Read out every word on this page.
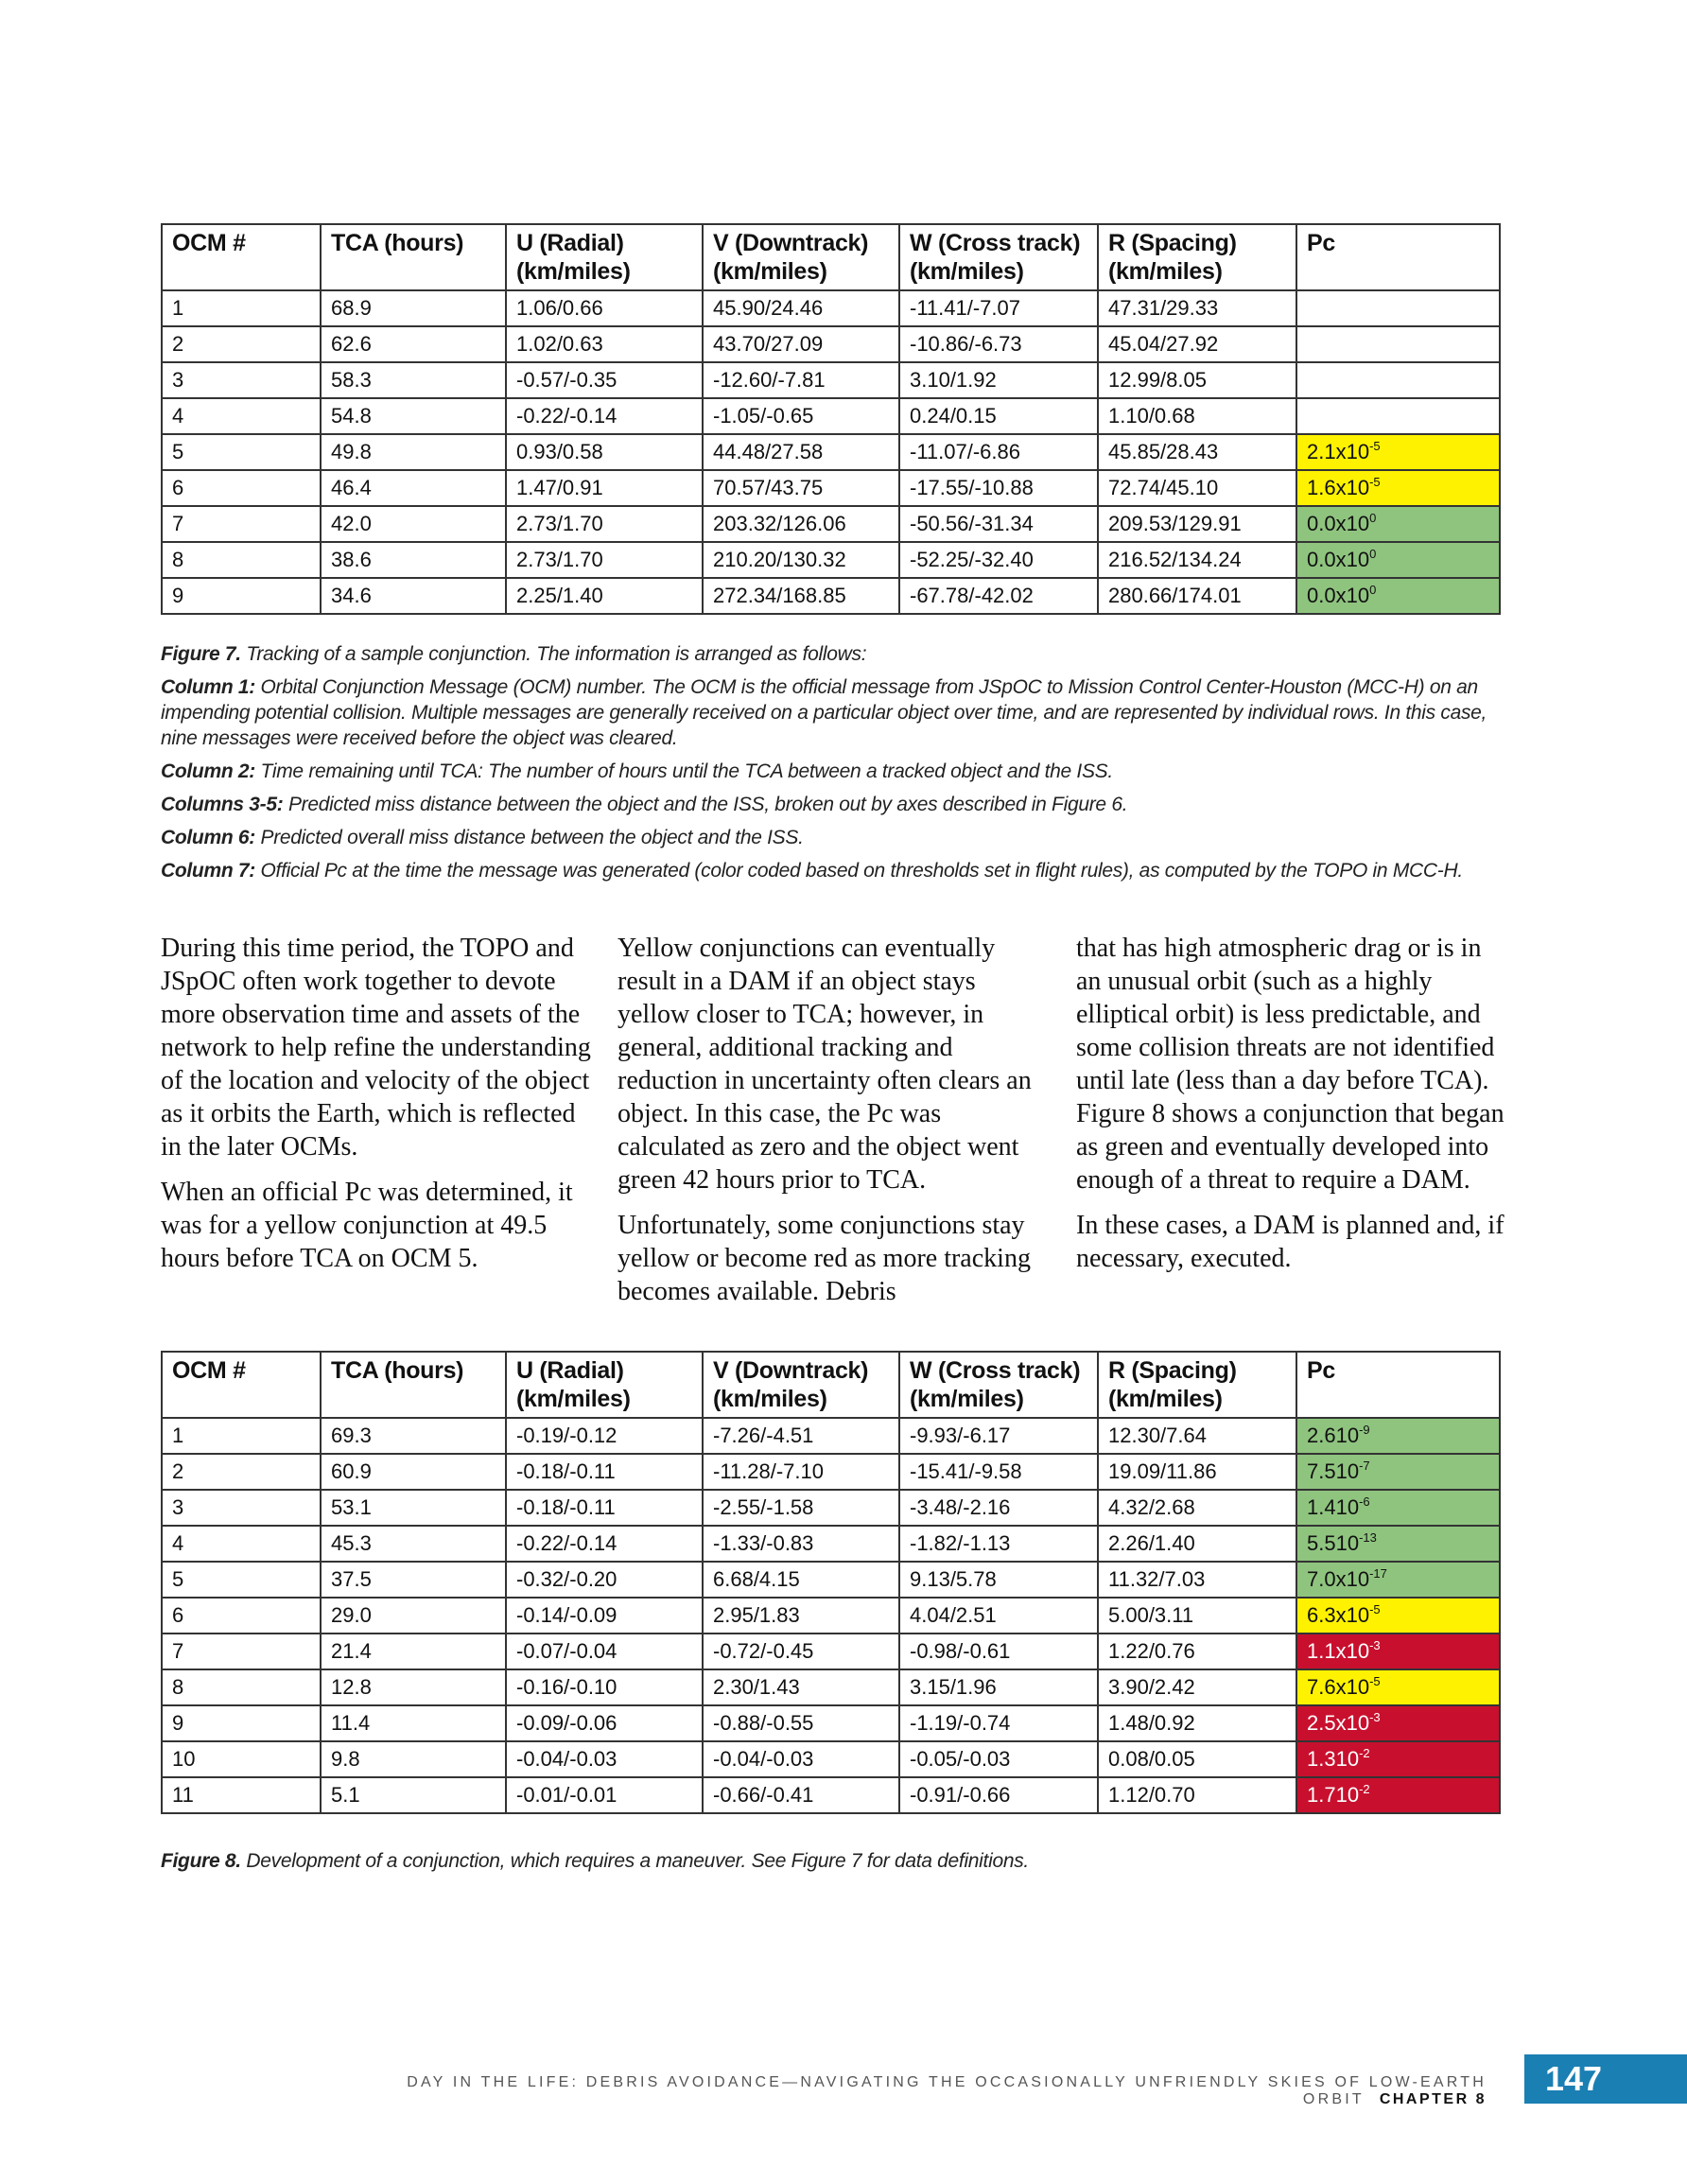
OCM #	TCA (hours)	U (Radial) (km/miles)	V (Downtrack) (km/miles)	W (Cross track) (km/miles)	R (Spacing) (km/miles)	Pc
1	68.9	1.06/0.66	45.90/24.46	-11.41/-7.07	47.31/29.33	
2	62.6	1.02/0.63	43.70/27.09	-10.86/-6.73	45.04/27.92	
3	58.3	-0.57/-0.35	-12.60/-7.81	3.10/1.92	12.99/8.05	
4	54.8	-0.22/-0.14	-1.05/-0.65	0.24/0.15	1.10/0.68	
5	49.8	0.93/0.58	44.48/27.58	-11.07/-6.86	45.85/28.43	$2.1x10^{-5}$
6	46.4	1.47/0.91	70.57/43.75	-17.55/-10.88	72.74/45.10	$1.6x10^{-5}$
7	42.0	2.73/1.70	203.32/126.06	-50.56/-31.34	209.53/129.91	$0.0x10^0$
8	38.6	2.73/1.70	210.20/130.32	-52.25/-32.40	216.52/134.24	$0.0x10^0$
9	34.6	2.25/1.40	272.34/168.85	-67.78/-42.02	280.66/174.01	$0.0x10^0$

Figure 7. Tracking of a sample conjunction. The information is arranged as follows:

Column 1: Orbital Conjunction Message (OCM) number. The OCM is the official message from JSpOC to Mission Control Center-Houston (MCC-H) on an impending potential collision. Multiple messages are generally received on a particular object over time, and are represented by individual rows. In this case, nine messages were received before the object was cleared.

Column 2: Time remaining until TCA: The number of hours until the TCA between a tracked object and the ISS.

Columns 3-5: Predicted miss distance between the object and the ISS, broken out by axes described in Figure 6.

Column 6: Predicted overall miss distance between the object and the ISS.

Column 7: Official Pc at the time the message was generated (color coded based on thresholds set in flight rules), as computed by the TOPO in MCC-H.

During this time period, the TOPO and JSpOC often work together to devote more observation time and assets of the network to help refine the understanding of the location and velocity of the object as it orbits the Earth, which is reflected in the later OCMs.

When an official Pc was determined, it was for a yellow conjunction at 49.5 hours before TCA on OCM 5.

Yellow conjunctions can eventually result in a DAM if an object stays yellow closer to TCA; however, in general, additional tracking and reduction in uncertainty often clears an object. In this case, the Pc was calculated as zero and the object went green 42 hours prior to TCA.

Unfortunately, some conjunctions stay yellow or become red as more tracking becomes available. Debris

that has high atmospheric drag or is in an unusual orbit (such as a highly elliptical orbit) is less predictable, and some collision threats are not identified until late (less than a day before TCA). Figure 8 shows a conjunction that began as green and eventually developed into enough of a threat to require a DAM.

In these cases, a DAM is planned and, if necessary, executed.

OCM #	TCA (hours)	U (Radial) (km/miles)	V (Downtrack) (km/miles)	W (Cross track) (km/miles)	R (Spacing) (km/miles)	Pc
1	69.3	-0.19/-0.12	-7.26/-4.51	-9.93/-6.17	12.30/7.64	$2.610^{-9}$
2	60.9	-0.18/-0.11	-11.28/-7.10	-15.41/-9.58	19.09/11.86	$7.510^{-7}$
3	53.1	-0.18/-0.11	-2.55/-1.58	-3.48/-2.16	4.32/2.68	$1.410^{-6}$
4	45.3	-0.22/-0.14	-1.33/-0.83	-1.82/-1.13	2.26/1.40	$5.510^{-13}$
5	37.5	-0.32/-0.20	6.68/4.15	9.13/5.78	11.32/7.03	$7.0x10^{-17}$
6	29.0	-0.14/-0.09	2.95/1.83	4.04/2.51	5.00/3.11	$6.3x10^{-5}$
7	21.4	-0.07/-0.04	-0.72/-0.45	-0.98/-0.61	1.22/0.76	$1.1x10^{-3}$
8	12.8	-0.16/-0.10	2.30/1.43	3.15/1.96	3.90/2.42	$7.6x10^{-5}$
9	11.4	-0.09/-0.06	-0.88/-0.55	-1.19/-0.74	1.48/0.92	$2.5x10^{-3}$
10	9.8	-0.04/-0.03	-0.04/-0.03	-0.05/-0.03	0.08/0.05	$1.310^{-2}$
11	5.1	-0.01/-0.01	-0.66/-0.41	-0.91/-0.66	1.12/0.70	$1.710^{-2}$

Figure 8. Development of a conjunction, which requires a maneuver. See Figure 7 for data definitions.

DAY IN THE LIFE: DEBRIS AVOIDANCE—NAVIGATING THE OCCASIONALLY UNFRIENDLY SKIES OF LOW-EARTH ORBIT CHAPTER 8
147
